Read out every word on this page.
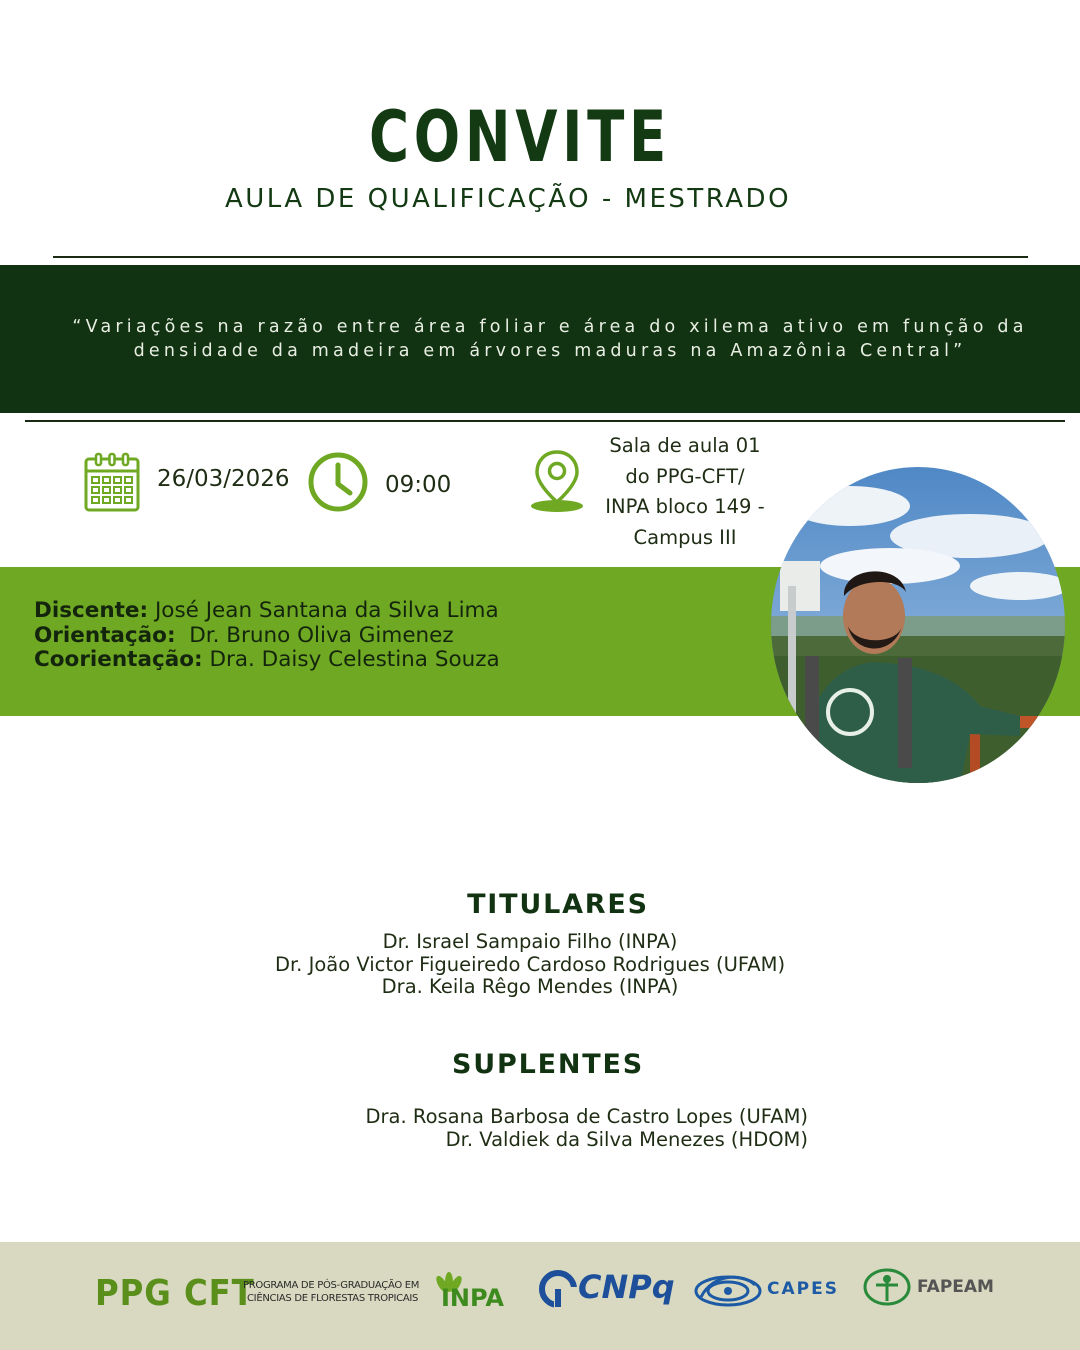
CONVITE
AULA DE QUALIFICAÇÃO - MESTRADO
“Variações na razão entre área foliar e área do xilema ativo em função da
densidade da madeira em árvores maduras na Amazônia Central”
26/03/2026	09:00
Sala de aula 01
do PPG-CFT/
INPA bloco 149 -
Campus III
Discente: José Jean Santana da Silva Lima
Orientação: Dr. Bruno Oliva Gimenez
Coorientação: Dra. Daisy Celestina Souza
TITULARES
Dr. Israel Sampaio Filho (INPA)
Dr. João Victor Figueiredo Cardoso Rodrigues (UFAM)
Dra. Keila Rêgo Mendes (INPA)
SUPLENTES
Dra. Rosana Barbosa de Castro Lopes (UFAM)
Dr. Valdiek da Silva Menezes (HDOM)
PPG CFT
PROGRAMA DE PÓS-GRADUAÇÃO EM
CIÊNCIAS DE FLORESTAS TROPICAIS INPA CNPq	CAPES	FAPEAM
